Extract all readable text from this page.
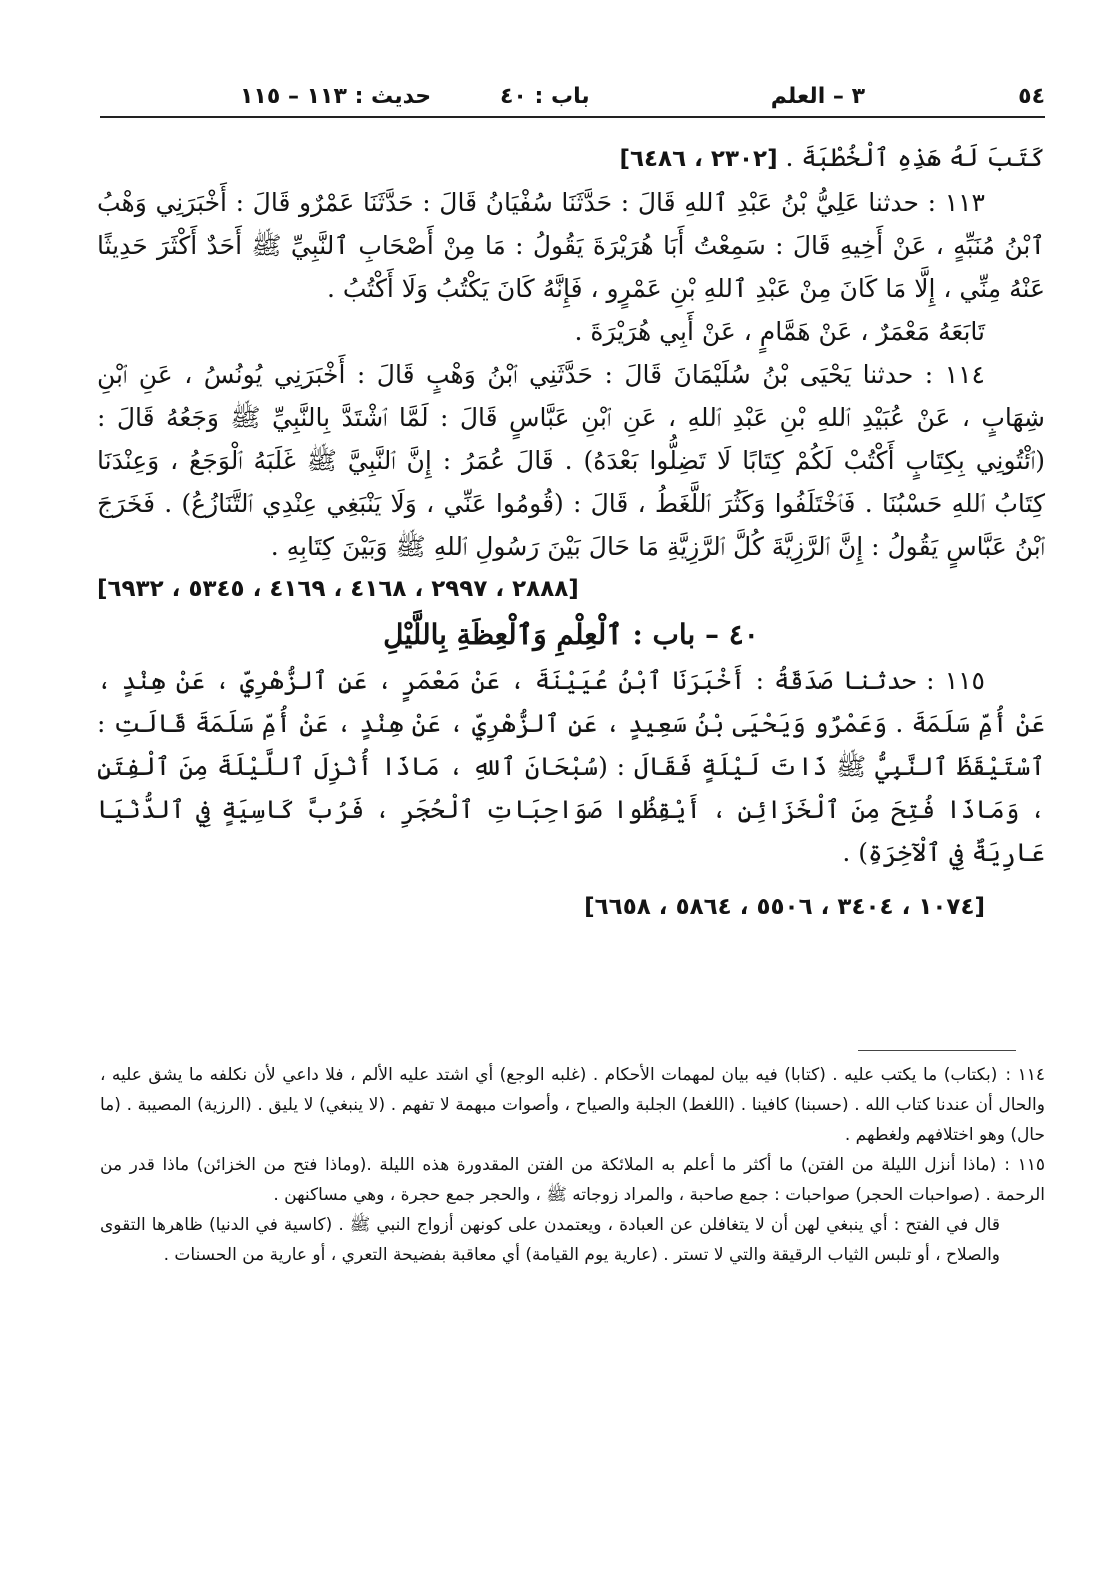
٥٤
٣ – العلم
باب : ٤٠
حديث : ١١٣ – ١١٥

كَتَبَ لَهُ هَذِهِ ٱلْخُطْبَةَ . [٢٣٠٢ ، ٦٤٨٦]

١١٣ : حدثنا عَلِيُّ بْنُ عَبْدِ ٱللهِ قَالَ : حَدَّثَنَا سُفْيَانُ قَالَ : حَدَّثَنَا عَمْرٌو قَالَ : أَخْبَرَنِي وَهْبُ ٱبْنُ مُنَبِّهٍ ، عَنْ أَخِيهِ قَالَ : سَمِعْتُ أَبَا هُرَيْرَةَ يَقُولُ : مَا مِنْ أَصْحَابِ ٱلنَّبِيِّ ﷺ أَحَدٌ أَكْثَرَ حَدِيثًا عَنْهُ مِنِّي ، إِلَّا مَا كَانَ مِنْ عَبْدِ ٱللهِ بْنِ عَمْرٍو ، فَإِنَّهُ كَانَ يَكْتُبُ وَلَا أَكْتُبُ .

تَابَعَهُ مَعْمَرٌ ، عَنْ هَمَّامٍ ، عَنْ أَبِي هُرَيْرَةَ .

١١٤ : حدثنا يَحْيَى بْنُ سُلَيْمَانَ قَالَ : حَدَّثَنِي ٱبْنُ وَهْبٍ قَالَ : أَخْبَرَنِي يُونُسُ ، عَنِ ٱبْنِ شِهَابٍ ، عَنْ عُبَيْدِ ٱللهِ بْنِ عَبْدِ ٱللهِ ، عَنِ ٱبْنِ عَبَّاسٍ قَالَ : لَمَّا ٱشْتَدَّ بِالنَّبِيِّ ﷺ وَجَعُهُ قَالَ : (ٱئْتُونِي بِكِتَابٍ أَكْتُبْ لَكُمْ كِتَابًا لَا تَضِلُّوا بَعْدَهُ) . قَالَ عُمَرُ : إِنَّ ٱلنَّبِيَّ ﷺ غَلَبَهُ ٱلْوَجَعُ ، وَعِنْدَنَا كِتَابُ ٱللهِ حَسْبُنَا . فَٱخْتَلَفُوا وَكَثُرَ ٱللَّغَطُ ، قَالَ : (قُومُوا عَنِّي ، وَلَا يَنْبَغِي عِنْدِي ٱلتَّنَازُعُ) . فَخَرَجَ ٱبْنُ عَبَّاسٍ يَقُولُ : إِنَّ ٱلرَّزِيَّةَ كُلَّ ٱلرَّزِيَّةِ مَا حَالَ بَيْنَ رَسُولِ ٱللهِ ﷺ وَبَيْنَ كِتَابِهِ .

[٢٨٨٨ ، ٢٩٩٧ ، ٤١٦٨ ، ٤١٦٩ ، ٥٣٤٥ ، ٦٩٣٢]

٤٠ – باب : ٱلْعِلْمِ وَٱلْعِظَةِ بِاللَّيْلِ

١١٥ : حدثنا صَدَقَةُ : أَخْبَرَنَا ٱبْنُ عُيَيْنَةَ ، عَنْ مَعْمَرٍ ، عَنِ ٱلزُّهْرِيِّ ، عَنْ هِنْدٍ ، عَنْ أُمِّ سَلَمَةَ . وَعَمْرٌو وَيَحْيَى بْنُ سَعِيدٍ ، عَنِ ٱلزُّهْرِيِّ ، عَنْ هِنْدٍ ، عَنْ أُمِّ سَلَمَةَ قَالَتِ : ٱسْتَيْقَظَ ٱلنَّبِيُّ ﷺ ذَاتَ لَيْلَةٍ فَقَالَ : (سُبْحَانَ ٱللهِ ، مَاذَا أُنْزِلَ ٱللَّيْلَةَ مِنَ ٱلْفِتَنِ ، وَمَاذَا فُتِحَ مِنَ ٱلْخَزَائِنِ ، أَيْقِظُوا صَوَاحِبَاتِ ٱلْحُجَرِ ، فَرُبَّ كَاسِيَةٍ فِي ٱلدُّنْيَا عَارِيَةٌ فِي ٱلْآخِرَةِ) .

[١٠٧٤ ، ٣٤٠٤ ، ٥٥٠٦ ، ٥٨٦٤ ، ٦٦٥٨]

١١٤ :(بكتاب) ما يكتب عليه . (كتابا) فيه بيان لمهمات الأحكام . (غلبه الوجع) أي اشتد عليه الألم ، فلا داعي لأن نكلفه ما يشق عليه ، والحال أن عندنا كتاب الله . (حسبنا) كافينا . (اللغط) الجلبة والصياح ، وأصوات مبهمة لا تفهم . (لا ينبغي) لا يليق . (الرزية) المصيبة . (ما حال) وهو اختلافهم ولغطهم .

١١٥ :(ماذا أنزل الليلة من الفتن) ما أكثر ما أعلم به الملائكة من الفتن المقدورة هذه الليلة .(وماذا فتح من الخزائن) ماذا قدر من الرحمة . (صواحبات الحجر) صواحبات : جمع صاحبة ، والمراد زوجاته ﷺ ، والحجر جمع حجرة ، وهي مساكنهن .

قال في الفتح : أي ينبغي لهن أن لا يتغافلن عن العبادة ، ويعتمدن على كونهن أزواج النبي ﷺ . (كاسية في الدنيا) ظاهرها التقوى والصلاح ، أو تلبس الثياب الرقيقة والتي لا تستر . (عارية يوم القيامة) أي معاقبة بفضيحة التعري ، أو عارية من الحسنات .
